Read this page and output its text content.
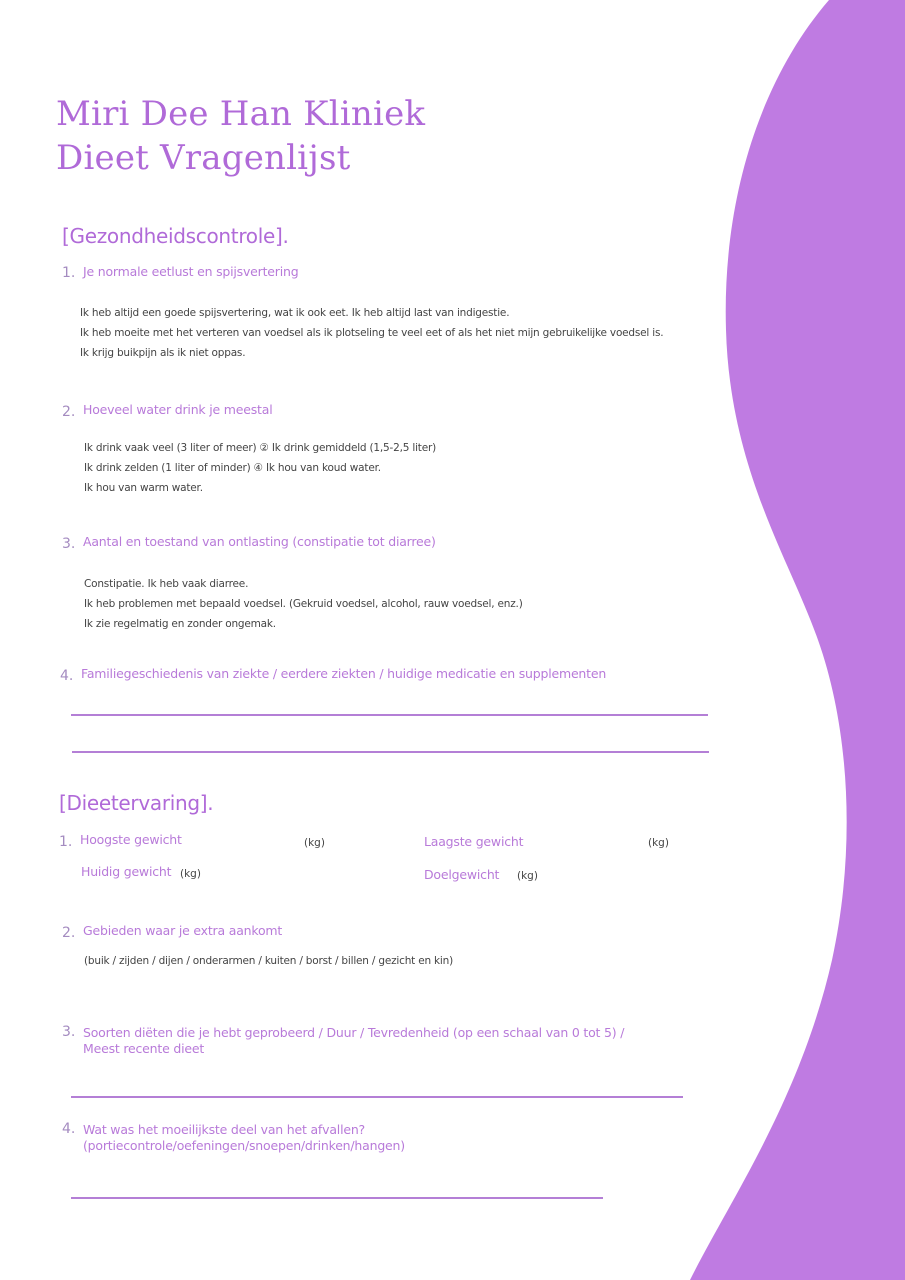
Miri Dee Han Kliniek
Dieet Vragenlijst
[Gezondheidscontrole].
1. Je normale eetlust en spijsvertering
Ik heb altijd een goede spijsvertering, wat ik ook eet. Ik heb altijd last van indigestie.
Ik heb moeite met het verteren van voedsel als ik plotseling te veel eet of als het niet mijn gebruikelijke voedsel is.
Ik krijg buikpijn als ik niet oppas.
2. Hoeveel water drink je meestal
Ik drink vaak veel (3 liter of meer) ② Ik drink gemiddeld (1,5-2,5 liter)
Ik drink zelden (1 liter of minder) ④ Ik hou van koud water.
Ik hou van warm water.
3. Aantal en toestand van ontlasting (constipatie tot diarree)
Constipatie. Ik heb vaak diarree.
Ik heb problemen met bepaald voedsel. (Gekruid voedsel, alcohol, rauw voedsel, enz.)
Ik zie regelmatig en zonder ongemak.
4. Familiegeschiedenis van ziekte / eerdere ziekten / huidige medicatie en supplementen
[Dieetervaring].
1. Hoogste gewicht	(kg)	Laagste gewicht	(kg)
Huidig gewicht (kg)	Doelgewicht (kg)
2. Gebieden waar je extra aankomt
(buik / zijden / dijen / onderarmen / kuiten / borst / billen / gezicht en kin)
3. Soorten diëten die je hebt geprobeerd / Duur / Tevredenheid (op een schaal van 0 tot 5) /
Meest recente dieet
4. Wat was het moeilijkste deel van het afvallen?
(portiecontrole/oefeningen/snoepen/drinken/hangen)
